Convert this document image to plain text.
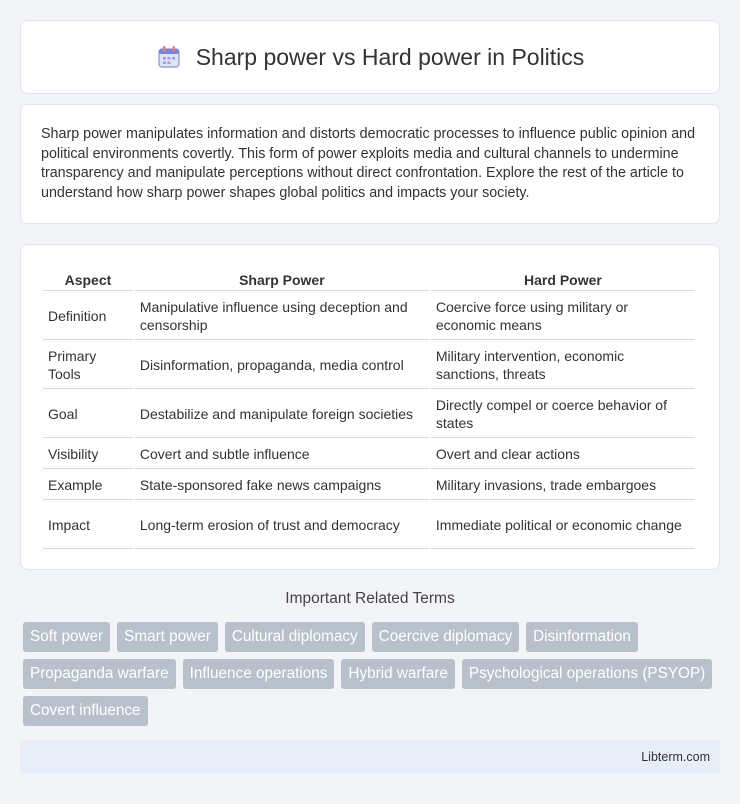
Sharp power vs Hard power in Politics

Sharp power manipulates information and distorts democratic processes to influence public opinion and political environments covertly. This form of power exploits media and cultural channels to undermine transparency and manipulate perceptions without direct confrontation. Explore the rest of the article to understand how sharp power shapes global politics and impacts your society.

Aspect	Sharp Power	Hard Power
Definition	Manipulative influence using deception and censorship	Coercive force using military or economic means
Primary Tools	Disinformation, propaganda, media control	Military intervention, economic sanctions, threats
Goal	Destabilize and manipulate foreign societies	Directly compel or coerce behavior of states
Visibility	Covert and subtle influence	Overt and clear actions
Example	State-sponsored fake news campaigns	Military invasions, trade embargoes
Impact	Long-term erosion of trust and democracy	Immediate political or economic change
Important Related Terms
Soft power	Smart power	Cultural diplomacy	Coercive diplomacy	Disinformation
Propaganda warfare	Influence operations	Hybrid warfare	Psychological operations (PSYOP)
Covert influence
Libterm.com
